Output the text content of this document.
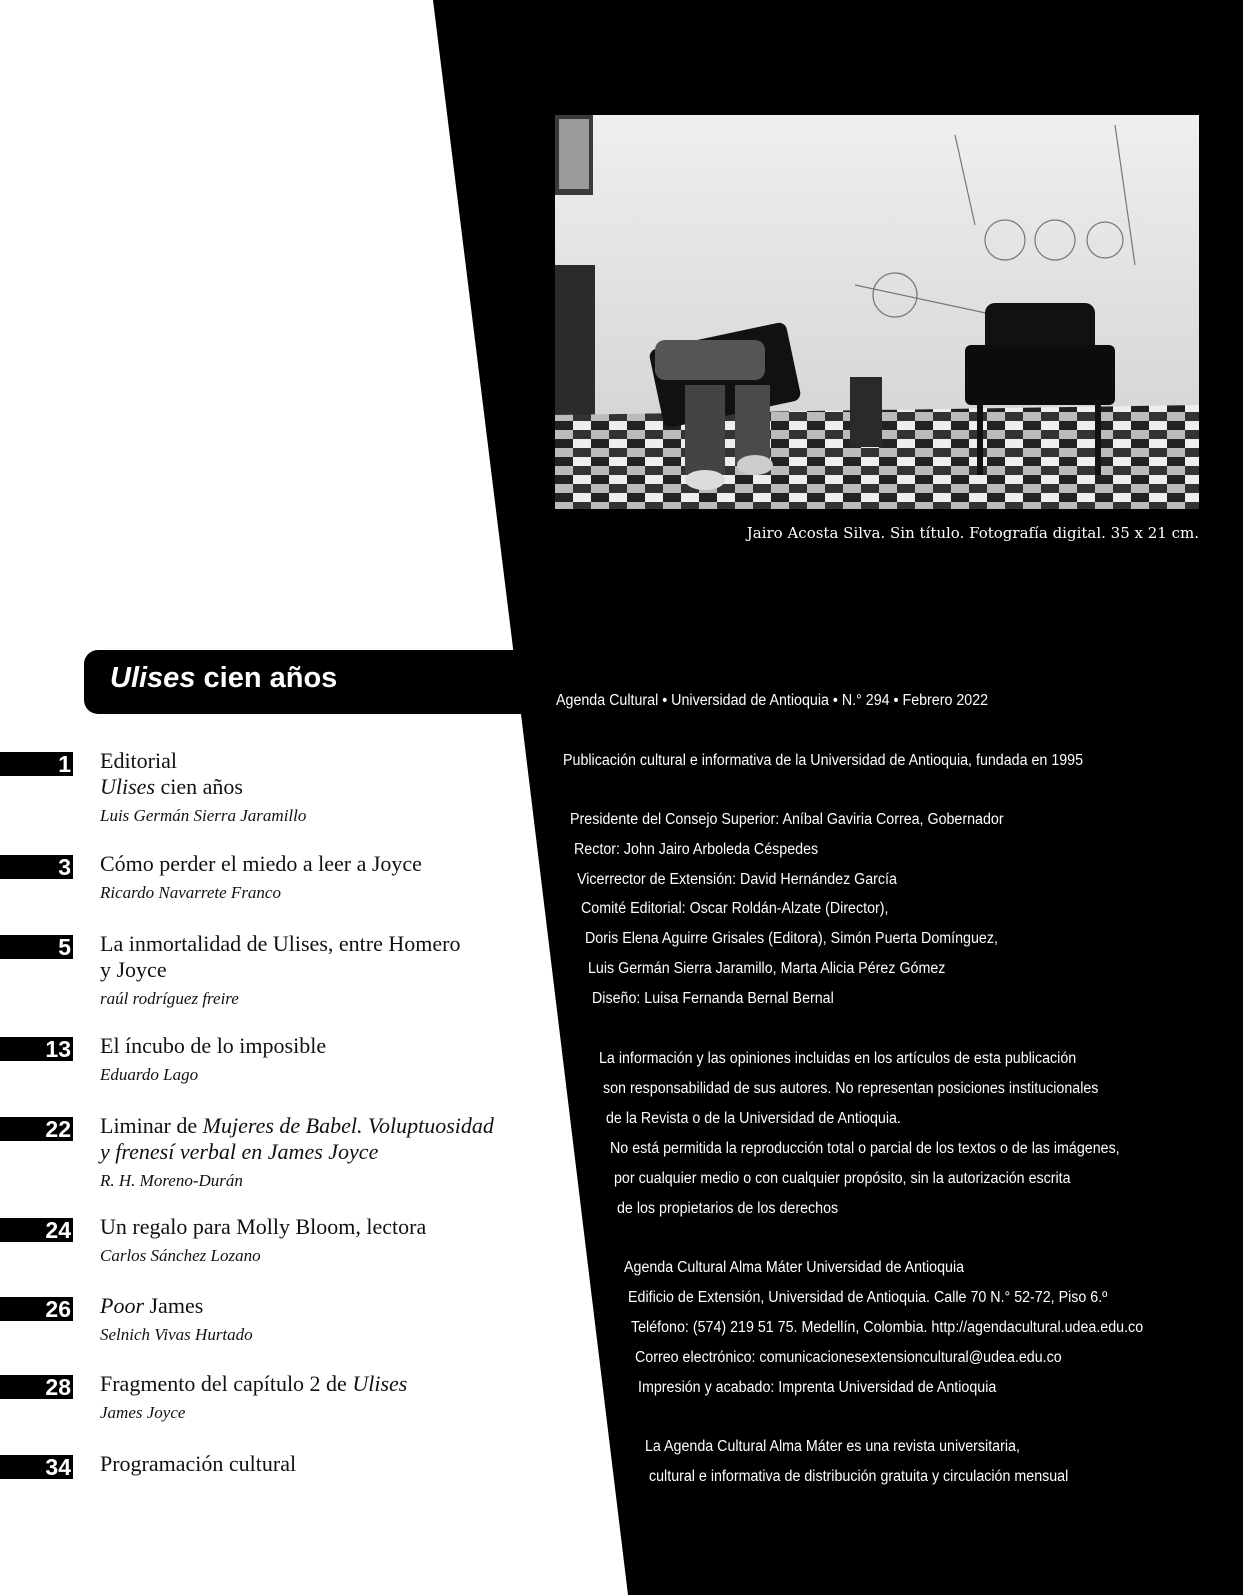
Jairo Acosta Silva. Sin título. Fotografía digital. 35 x 21 cm.
Ulises cien años
1 Editorial
Ulises cien años
Luis Germán Sierra Jaramillo
3 Cómo perder el miedo a leer a Joyce
Ricardo Navarrete Franco
5 La inmortalidad de Ulises, entre Homero
y Joyce
raúl rodríguez freire
13 El íncubo de lo imposible
Eduardo Lago
22 Liminar de Mujeres de Babel. Voluptuosidad
y frenesí verbal en James Joyce
R. H. Moreno-Durán
24 Un regalo para Molly Bloom, lectora
Carlos Sánchez Lozano
26 Poor James
Selnich Vivas Hurtado
28 Fragmento del capítulo 2 de Ulises
James Joyce
34 Programación cultural
Agenda Cultural • Universidad de Antioquia • N.° 294 • Febrero 2022
Publicación cultural e informativa de la Universidad de Antioquia, fundada en 1995
Presidente del Consejo Superior: Aníbal Gaviria Correa, Gobernador
Rector: John Jairo Arboleda Céspedes
Vicerrector de Extensión: David Hernández García
Comité Editorial: Oscar Roldán-Alzate (Director),
Doris Elena Aguirre Grisales (Editora), Simón Puerta Domínguez,
Luis Germán Sierra Jaramillo, Marta Alicia Pérez Gómez
Diseño: Luisa Fernanda Bernal Bernal
La información y las opiniones incluidas en los artículos de esta publicación
son responsabilidad de sus autores. No representan posiciones institucionales
de la Revista o de la Universidad de Antioquia.
No está permitida la reproducción total o parcial de los textos o de las imágenes,
por cualquier medio o con cualquier propósito, sin la autorización escrita
de los propietarios de los derechos
Agenda Cultural Alma Máter Universidad de Antioquia
Edificio de Extensión, Universidad de Antioquia. Calle 70 N.° 52-72, Piso 6.º
Teléfono: (574) 219 51 75. Medellín, Colombia. http://agendacultural.udea.edu.co
Correo electrónico: comunicacionesextensioncultural@udea.edu.co
Impresión y acabado: Imprenta Universidad de Antioquia
La Agenda Cultural Alma Máter es una revista universitaria,
cultural e informativa de distribución gratuita y circulación mensual
